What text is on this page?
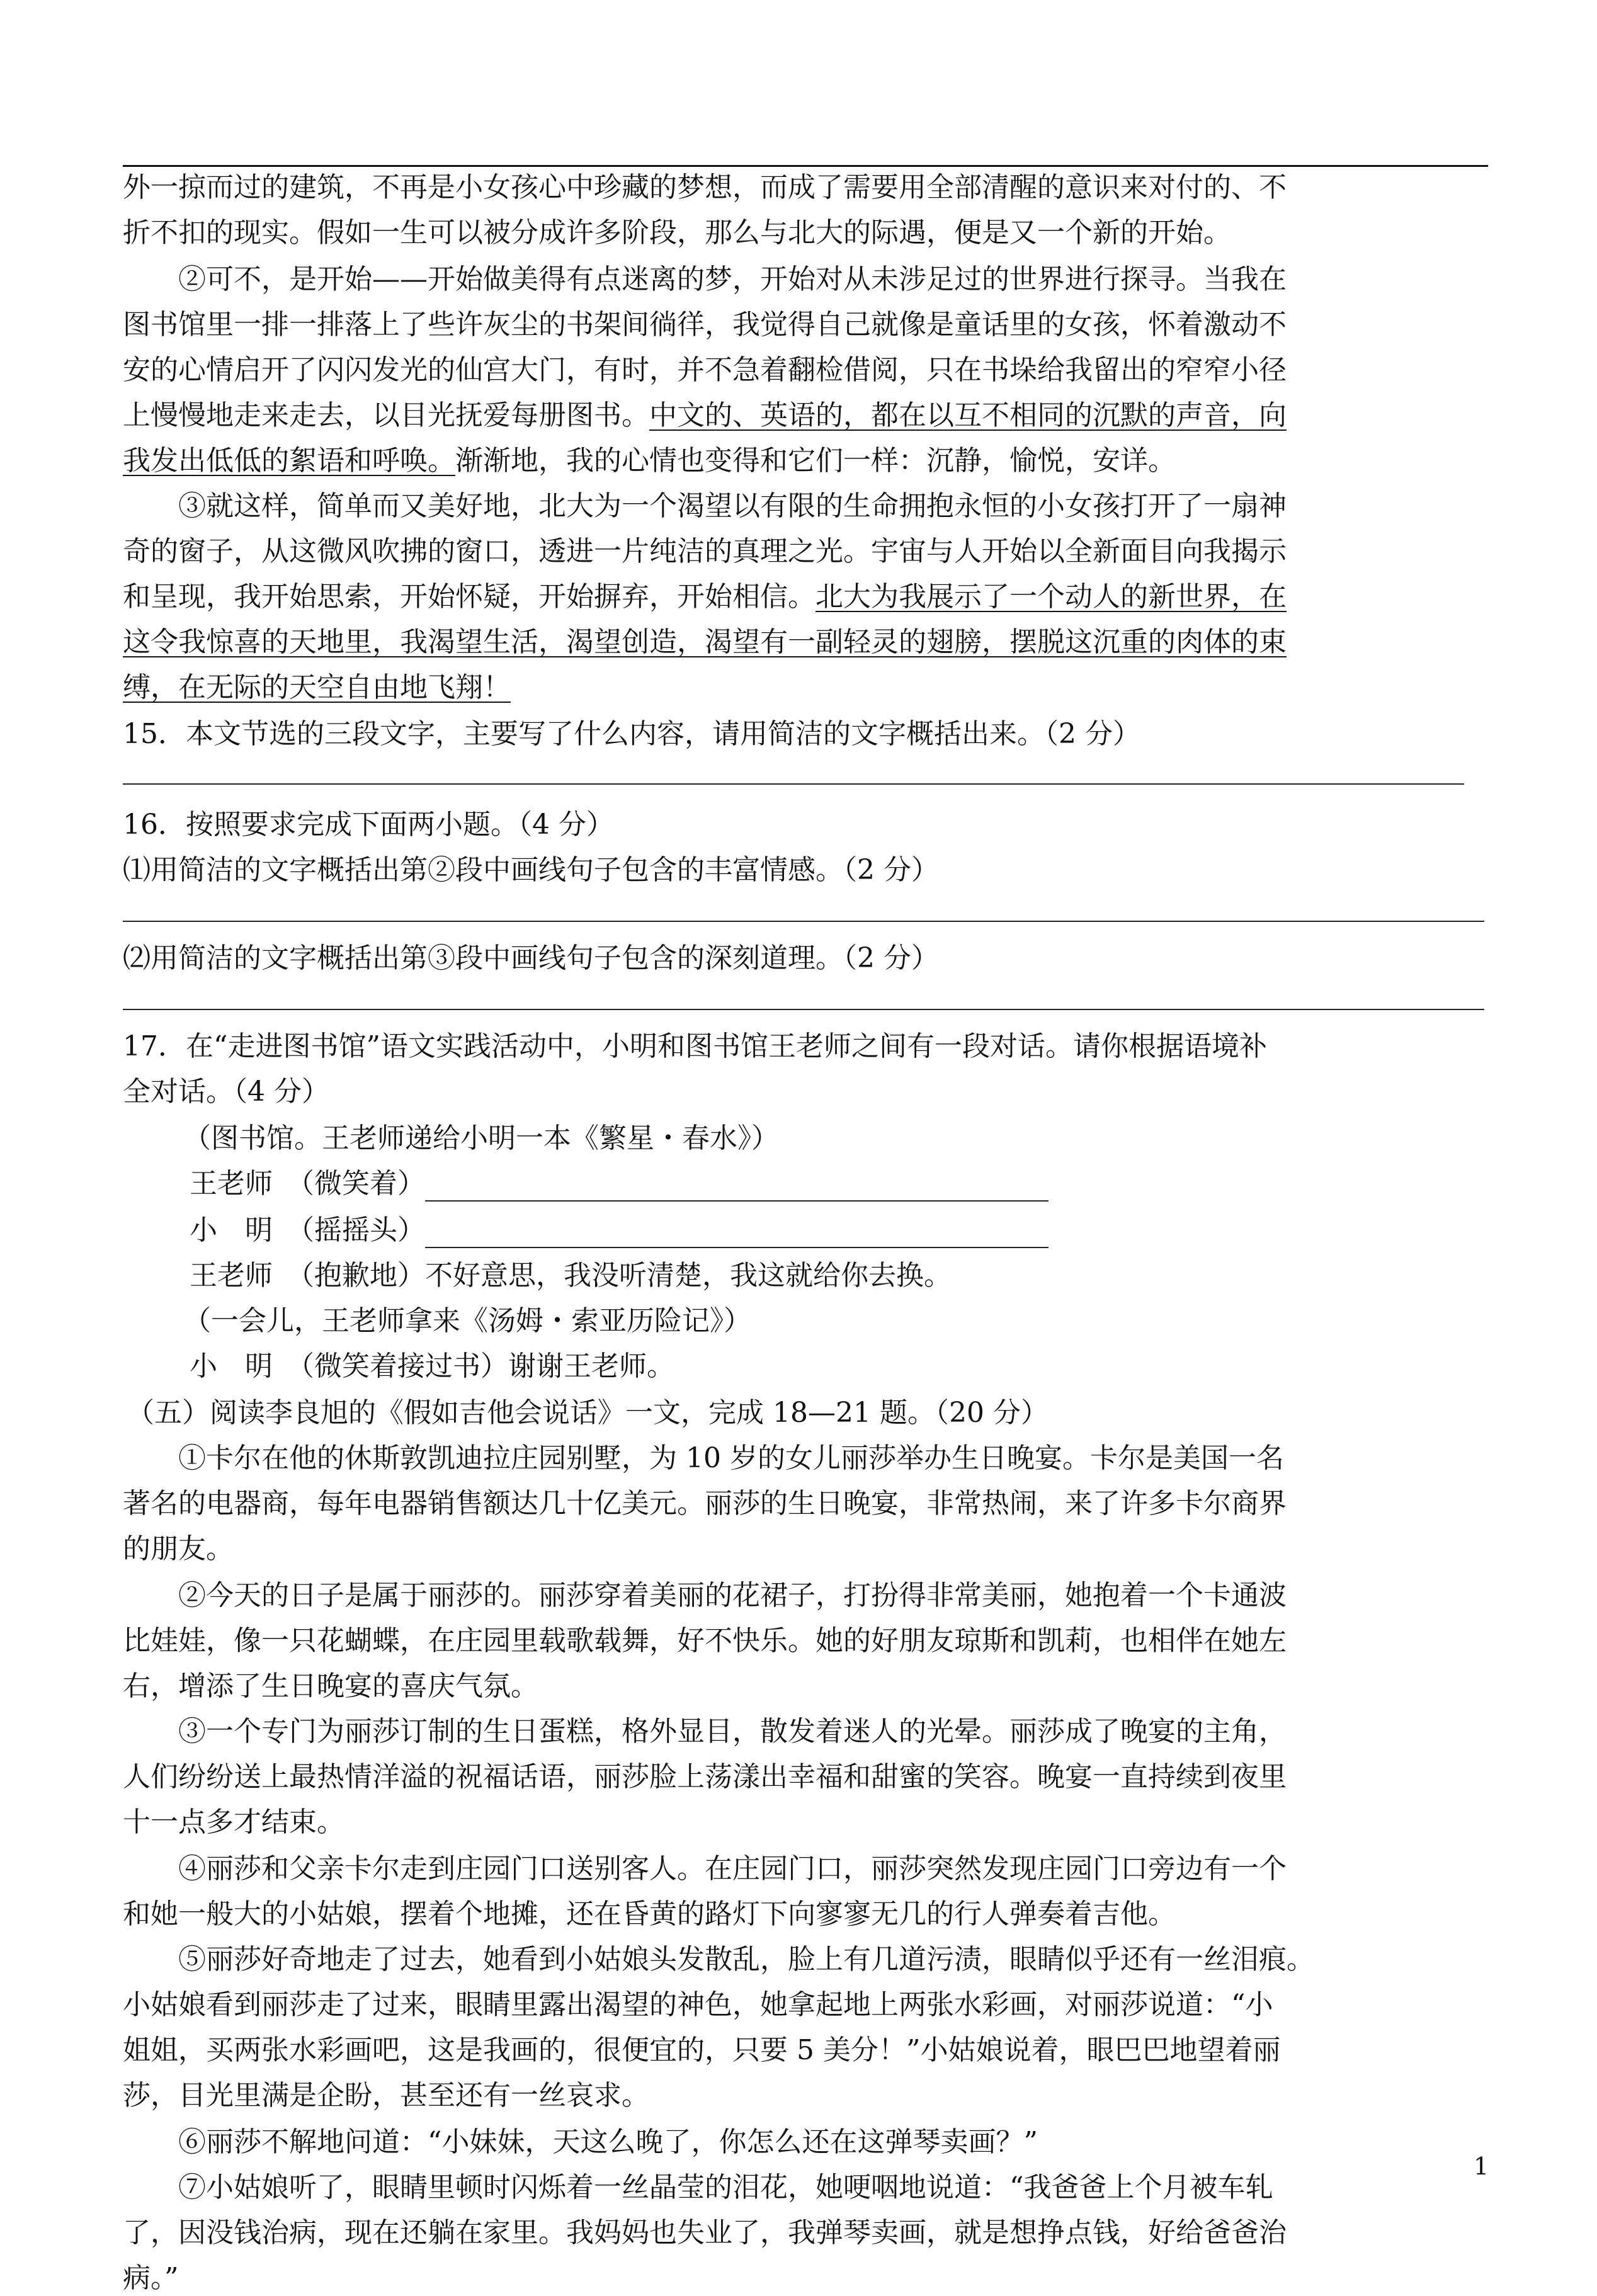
外一掠而过的建筑，不再是小女孩心中珍藏的梦想，而成了需要用全部清醒的意识来对付的、不
折不扣的现实。假如一生可以被分成许多阶段，那么与北大的际遇，便是又一个新的开始。
②可不，是开始——开始做美得有点迷离的梦，开始对从未涉足过的世界进行探寻。当我在
图书馆里一排一排落上了些许灰尘的书架间徜徉，我觉得自己就像是童话里的女孩，怀着激动不
安的心情启开了闪闪发光的仙宫大门，有时，并不急着翻检借阅，只在书垛给我留出的窄窄小径
上慢慢地走来走去，以目光抚爱每册图书。中文的、英语的，都在以互不相同的沉默的声音，向
我发出低低的絮语和呼唤。渐渐地，我的心情也变得和它们一样：沉静，愉悦，安详。
③就这样，简单而又美好地，北大为一个渴望以有限的生命拥抱永恒的小女孩打开了一扇神
奇的窗子，从这微风吹拂的窗口，透进一片纯洁的真理之光。宇宙与人开始以全新面目向我揭示
和呈现，我开始思索，开始怀疑，开始摒弃，开始相信。北大为我展示了一个动人的新世界，在
这令我惊喜的天地里，我渴望生活，渴望创造，渴望有一副轻灵的翅膀，摆脱这沉重的肉体的束
缚，在无际的天空自由地飞翔！
15．本文节选的三段文字，主要写了什么内容，请用简洁的文字概括出来。（2 分）
16．按照要求完成下面两小题。（4 分）
⑴用简洁的文字概括出第②段中画线句子包含的丰富情感。（2 分）
⑵用简洁的文字概括出第③段中画线句子包含的深刻道理。（2 分）
17．在“走进图书馆”语文实践活动中，小明和图书馆王老师之间有一段对话。请你根据语境补
全对话。（4 分）
（图书馆。王老师递给小明一本《繁星・春水》）
王老师　（微笑着）
小　明　（摇摇头）
王老师　（抱歉地）不好意思，我没听清楚，我这就给你去换。
（一会儿，王老师拿来《汤姆・索亚历险记》）
小　明　（微笑着接过书）谢谢王老师。
（五）阅读李良旭的《假如吉他会说话》一文，完成 18—21 题。（20 分）
①卡尔在他的休斯敦凯迪拉庄园别墅，为 10 岁的女儿丽莎举办生日晚宴。卡尔是美国一名
著名的电器商，每年电器销售额达几十亿美元。丽莎的生日晚宴，非常热闹，来了许多卡尔商界
的朋友。
②今天的日子是属于丽莎的。丽莎穿着美丽的花裙子，打扮得非常美丽，她抱着一个卡通波
比娃娃，像一只花蝴蝶，在庄园里载歌载舞，好不快乐。她的好朋友琼斯和凯莉，也相伴在她左
右，增添了生日晚宴的喜庆气氛。
③一个专门为丽莎订制的生日蛋糕，格外显目，散发着迷人的光晕。丽莎成了晚宴的主角，
人们纷纷送上最热情洋溢的祝福话语，丽莎脸上荡漾出幸福和甜蜜的笑容。晚宴一直持续到夜里
十一点多才结束。
④丽莎和父亲卡尔走到庄园门口送别客人。在庄园门口，丽莎突然发现庄园门口旁边有一个
和她一般大的小姑娘，摆着个地摊，还在昏黄的路灯下向寥寥无几的行人弹奏着吉他。
⑤丽莎好奇地走了过去，她看到小姑娘头发散乱，脸上有几道污渍，眼睛似乎还有一丝泪痕。
小姑娘看到丽莎走了过来，眼睛里露出渴望的神色，她拿起地上两张水彩画，对丽莎说道：“小
姐姐，买两张水彩画吧，这是我画的，很便宜的，只要 5 美分！”小姑娘说着，眼巴巴地望着丽
莎，目光里满是企盼，甚至还有一丝哀求。
⑥丽莎不解地问道：“小妹妹，天这么晚了，你怎么还在这弹琴卖画？”
⑦小姑娘听了，眼睛里顿时闪烁着一丝晶莹的泪花，她哽咽地说道：“我爸爸上个月被车轧
了，因没钱治病，现在还躺在家里。我妈妈也失业了，我弹琴卖画，就是想挣点钱，好给爸爸治
病。”
1
